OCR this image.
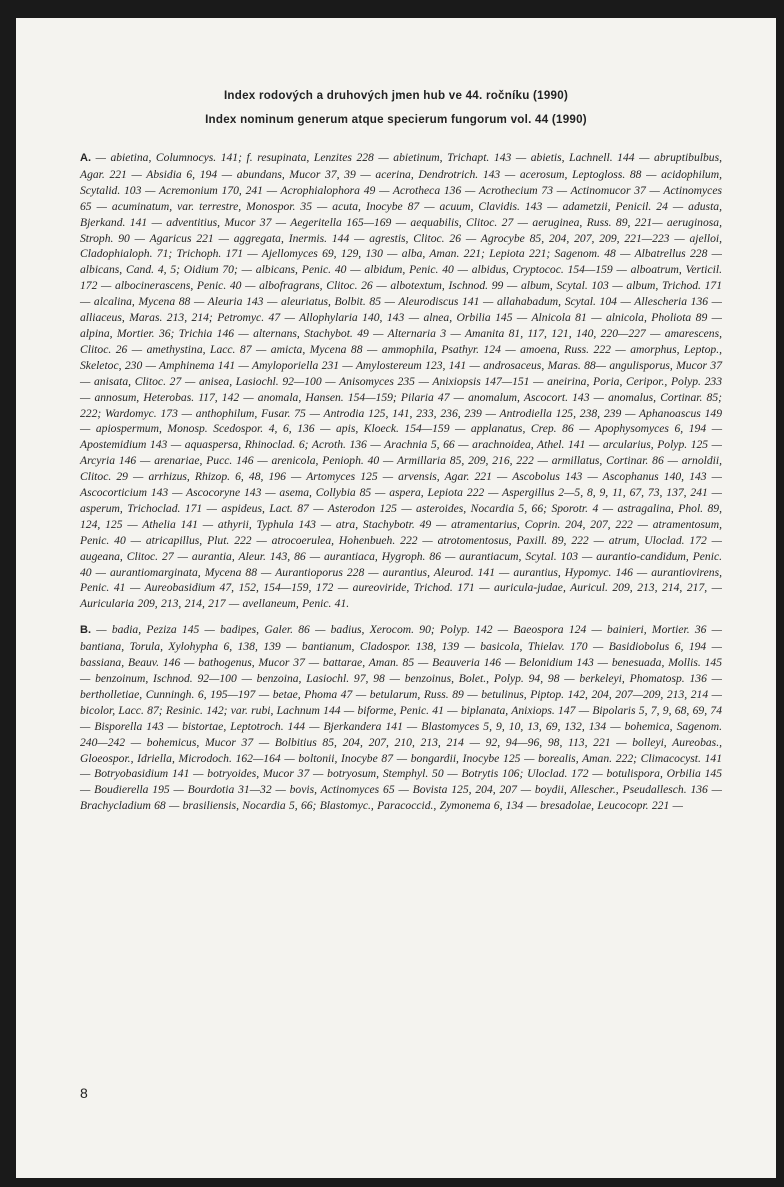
Index rodových a druhových jmen hub ve 44. ročníku (1990)

Index nominum generum atque specierum fungorum vol. 44 (1990)

A. — abietina, Columnocys. 141; f. resupinata, Lenzites 228 — abietinum, Trichapt. 143 — abietis, Lachnell. 144 — abruptibulbus, Agar. 221 — Absidia 6, 194 — abundans, Mucor 37, 39 — acerina, Dendrotrich. 143 — acerosum, Leptogloss. 88 — acidophilum, Scytalid. 103 — Acremonium 170, 241 — Acrophialophora 49 — Acrotheca 136 — Acrothecium 73 — Actinomucor 37 — Actinomyces 65 — acuminatum, var. terrestre, Monospor. 35 — acuta, Inocybe 87 — acuum, Clavidis. 143 — adametzii, Penicil. 24 — adusta, Bjerkand. 141 — adventitius, Mucor 37 — Aegeritella 165—169 — aequabilis, Clitoc. 27 — aeruginea, Russ. 89, 221— aeruginosa, Stroph. 90 — Agaricus 221 — aggregata, Inermis. 144 — agrestis, Clitoc. 26 — Agrocybe 85, 204, 207, 209, 221—223 — ajelloi, Cladophialoph. 71; Trichoph. 171 — Ajellomyces 69, 129, 130 — alba, Aman. 221; Lepiota 221; Sagenom. 48 — Albatrellus 228 — albicans, Cand. 4, 5; Oidium 70; — albicans, Penic. 40 — albidum, Penic. 40 — albidus, Cryptococ. 154—159 — alboatrum, Verticil. 172 — albocinerascens, Penic. 40 — albofragrans, Clitoc. 26 — albotextum, Ischnod. 99 — album, Scytal. 103 — album, Trichod. 171 — alcalina, Mycena 88 — Aleuria 143 — aleuriatus, Bolbit. 85 — Aleurodiscus 141 — allahabadum, Scytal. 104 — Allescheria 136 — alliaceus, Maras. 213, 214; Petromyc. 47 — Allophylaria 140, 143 — alnea, Orbilia 145 — Alnicola 81 — alnicola, Pholiota 89 — alpina, Mortier. 36; Trichia 146 — alternans, Stachybot. 49 — Alternaria 3 — Amanita 81, 117, 121, 140, 220—227 — amarescens, Clitoc. 26 — amethystina, Lacc. 87 — amicta, Mycena 88 — ammophila, Psathyr. 124 — amoena, Russ. 222 — amorphus, Leptop., Skeletoc, 230 — Amphinema 141 — Amyloporiella 231 — Amylostereum 123, 141 — androsaceus, Maras. 88— angulisporus, Mucor 37 — anisata, Clitoc. 27 — anisea, Lasiochl. 92—100 — Anisomyces 235 — Anixiopsis 147—151 — aneirina, Poria, Ceripor., Polyp. 233 — annosum, Heterobas. 117, 142 — anomala, Hansen. 154—159; Pilaria 47 — anomalum, Ascocort. 143 — anomalus, Cortinar. 85; 222; Wardomyc. 173 — anthophilum, Fusar. 75 — Antrodia 125, 141, 233, 236, 239 — Antrodiella 125, 238, 239 — Aphanoascus 149 — apiospermum, Monosp. Scedospor. 4, 6, 136 — apis, Kloeck. 154—159 — applanatus, Crep. 86 — Apophysomyces 6, 194 — Apostemidium 143 — aquaspersa, Rhinoclad. 6; Acroth. 136 — Arachnia 5, 66 — arachnoidea, Athel. 141 — arcularius, Polyp. 125 — Arcyria 146 — arenariae, Pucc. 146 — arenicola, Penioph. 40 — Armillaria 85, 209, 216, 222 — armillatus, Cortinar. 86 — arnoldii, Clitoc. 29 — arrhizus, Rhizop. 6, 48, 196 — Artomyces 125 — arvensis, Agar. 221 — Ascobolus 143 — Ascophanus 140, 143 — Ascocorticium 143 — Ascocoryne 143 — asema, Collybia 85 — aspera, Lepiota 222 — Aspergillus 2—5, 8, 9, 11, 67, 73, 137, 241 — asperum, Trichoclad. 171 — aspideus, Lact. 87 — Asterodon 125 — asteroides, Nocardia 5, 66; Sporotr. 4 — astragalina, Phol. 89, 124, 125 — Athelia 141 — athyrii, Typhula 143 — atra, Stachybotr. 49 — atramentarius, Coprin. 204, 207, 222 — atramentosum, Penic. 40 — atricapillus, Plut. 222 — atrocoerulea, Hohenbueh. 222 — atrotomentosus, Paxill. 89, 222 — atrum, Uloclad. 172 — augeana, Clitoc. 27 — aurantia, Aleur. 143, 86 — aurantiaca, Hygroph. 86 — aurantiacum, Scytal. 103 — aurantio-candidum, Penic. 40 — aurantiomarginata, Mycena 88 — Aurantioporus 228 — aurantius, Aleurod. 141 — aurantius, Hypomyc. 146 — aurantiovirens, Penic. 41 — Aureobasidium 47, 152, 154—159, 172 — aureoviride, Trichod. 171 — auricula-judae, Auricul. 209, 213, 214, 217, — Auricularia 209, 213, 214, 217 — avellaneum, Penic. 41.

B. — badia, Peziza 145 — badipes, Galer. 86 — badius, Xerocom. 90; Polyp. 142 — Baeospora 124 — bainieri, Mortier. 36 — bantiana, Torula, Xylohypha 6, 138, 139 — bantianum, Cladospor. 138, 139 — basicola, Thielav. 170 — Basidiobolus 6, 194 — bassiana, Beauv. 146 — bathogenus, Mucor 37 — battarae, Aman. 85 — Beauveria 146 — Belonidium 143 — benesuada, Mollis. 145 — benzoinum, Ischnod. 92—100 — benzoina, Lasiochl. 97, 98 — benzoinus, Bolet., Polyp. 94, 98 — berkeleyi, Phomatosp. 136 — bertholletiae, Cunningh. 6, 195—197 — betae, Phoma 47 — betularum, Russ. 89 — betulinus, Piptop. 142, 204, 207—209, 213, 214 — bicolor, Lacc. 87; Resinic. 142; var. rubi, Lachnum 144 — biforme, Penic. 41 — biplanata, Anixiops. 147 — Bipolaris 5, 7, 9, 68, 69, 74 — Bisporella 143 — bistortae, Leptotroch. 144 — Bjerkandera 141 — Blastomyces 5, 9, 10, 13, 69, 132, 134 — bohemica, Sagenom. 240—242 — bohemicus, Mucor 37 — Bolbitius 85, 204, 207, 210, 213, 214 — 92, 94—96, 98, 113, 221 — bolleyi, Aureobas., Gloeospor., Idriella, Microdoch. 162—164 — boltonii, Inocybe 87 — bongardii, Inocybe 125 — borealis, Aman. 222; Climacocyst. 141 — Botryobasidium 141 — botryoides, Mucor 37 — botryosum, Stemphyl. 50 — Botrytis 106; Ulocla⁠d. 172 — botulispora, Orbilia 145 — Boudierella 195 — Bourdotia 31—32 — bovis, Actinomyces 65 — Bovista 125, 204, 207 — boydii, Allescher., Pseudallesch. 136 — Brachycladium 68 — brasiliensis, Nocardia 5, 66; Blastomyc., Paracoccid., Zymonema 6, 134 — bresadolae, Leucocopr. 221 —

8
